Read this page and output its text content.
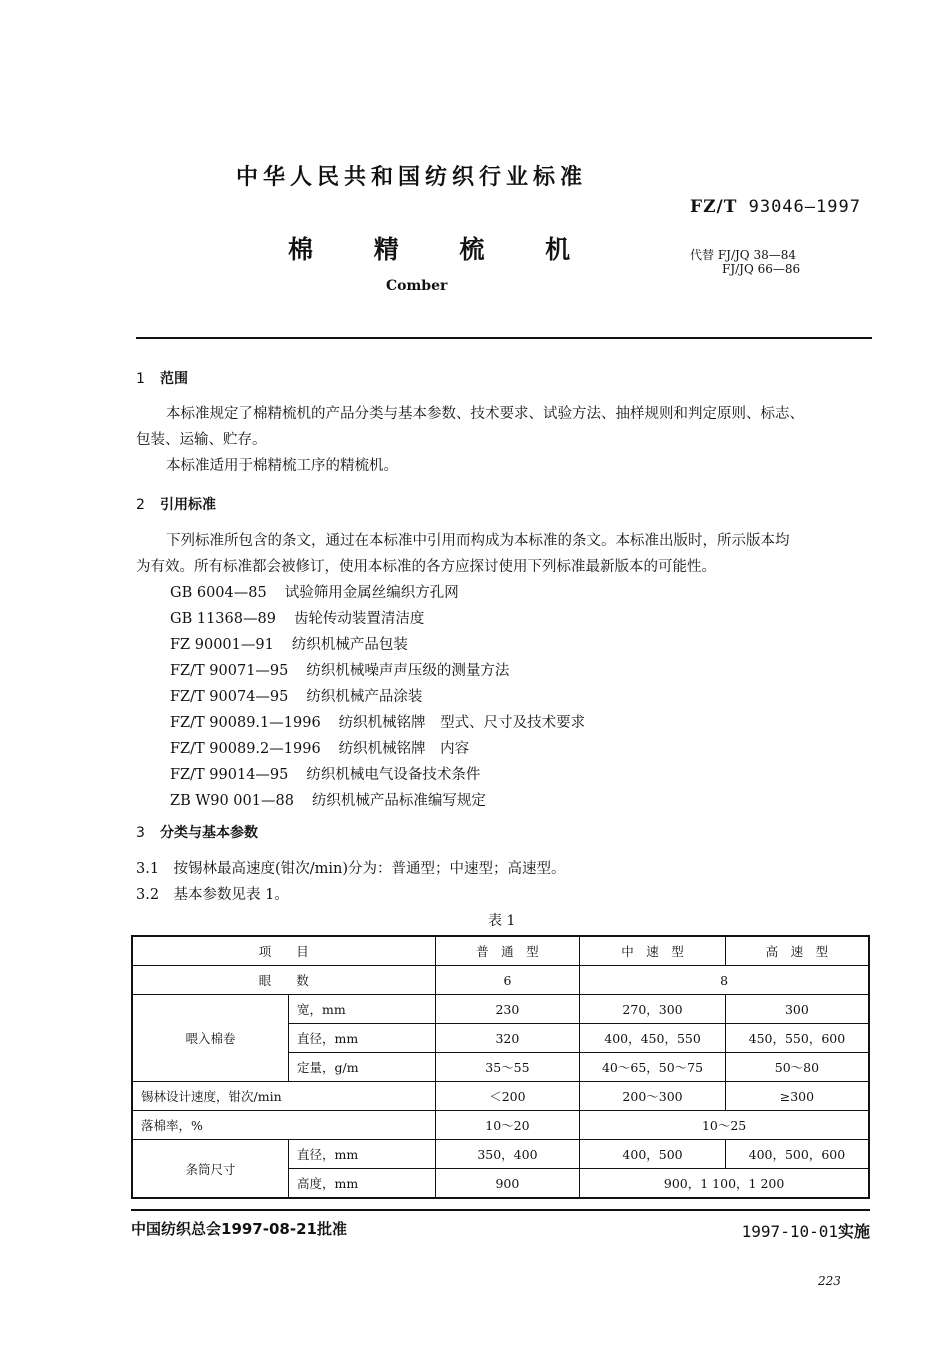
中华人民共和国纺织行业标准
FZ/T 93046—1997
棉 精 梳 机	代替 FJ/JQ 38—84
FJ/JQ 66—86
Comber
1 范围
本标准规定了棉精梳机的产品分类与基本参数、技术要求、试验方法、抽样规则和判定原则、标志、
包装、运输、贮存。
本标准适用于棉精梳工序的精梳机。
2 引用标准
下列标准所包含的条文，通过在本标准中引用而构成为本标准的条文。本标准出版时，所示版本均
为有效。所有标准都会被修订，使用本标准的各方应探讨使用下列标准最新版本的可能性。
GB 6004—85 试验筛用金属丝编织方孔网
GB 11368—89 齿轮传动装置清洁度
FZ 90001—91 纺织机械产品包装
FZ/T 90071—95 纺织机械噪声声压级的测量方法
FZ/T 90074—95 纺织机械产品涂装
FZ/T 90089.1—1996 纺织机械铭牌　型式、尺寸及技术要求
FZ/T 90089.2—1996 纺织机械铭牌　内容
FZ/T 99014—95 纺织机械电气设备技术条件
ZB W90 001—88 纺织机械产品标准编写规定
3 分类与基本参数
3.1　按锡林最高速度(钳次/min)分为：普通型；中速型；高速型。
3.2　基本参数见表 1。
表 1
项　　目		普　通　型	中　速　型	高　速　型
眼　　数		6	8	
喂入棉卷	宽，mm	230	270，300	300
	直径，mm	320	400，450，550	450，550，600
	定量，g/m	35～55	40～65，50～75	50～80
锡林设计速度，钳次/min		＜200	200～300	≥300
落棉率，%		10～20	10～25	
条筒尺寸	直径，mm	350，400	400，500	400，500，600
	高度，mm	900	900，1 100，1 200	
中国纺织总会1997-08-21批准	1997-10-01实施
223
